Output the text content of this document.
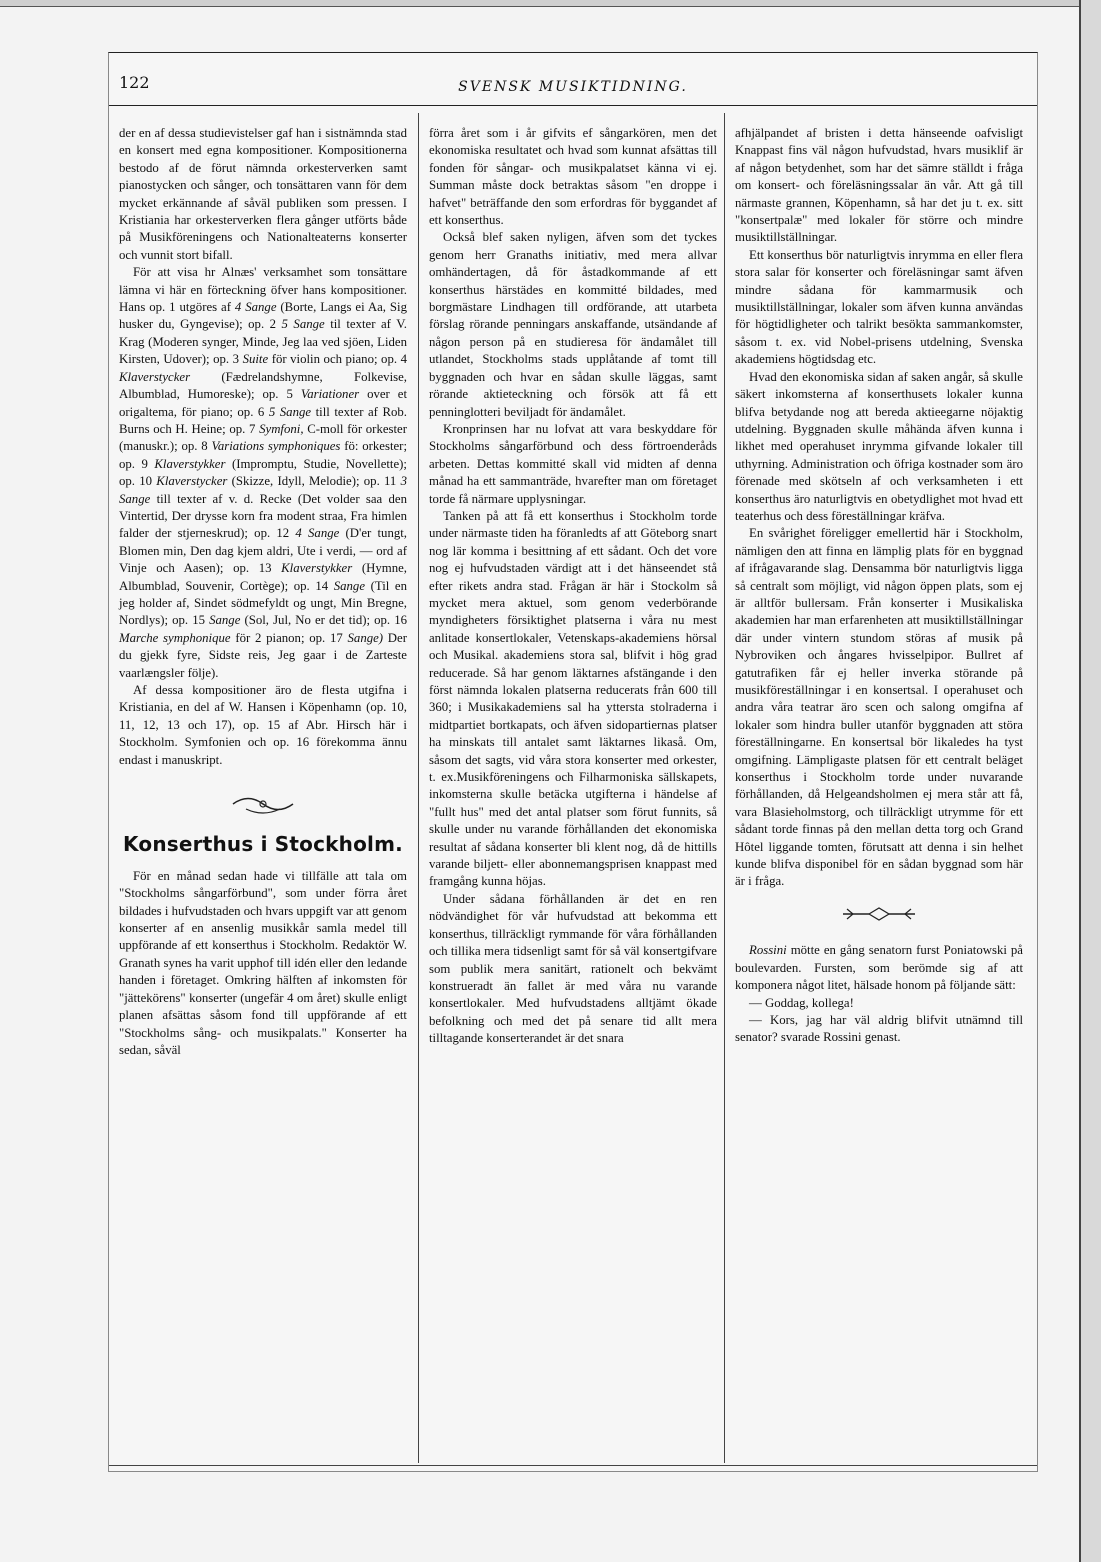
122	SVENSK MUSIKTIDNING.

der en af dessa studievistelser gaf han i sistnämnda stad en konsert med egna kompositioner. Kompositionerna bestodo af de förut nämnda orkesterverken samt pianostycken och sånger, och tonsättaren vann för dem mycket erkännande af såväl publiken som pressen. I Kristiania har orkesterverken flera gånger utförts både på Musikföreningens och Nationalteaterns konserter och vunnit stort bifall.

För att visa hr Alnæs' verksamhet som tonsättare lämna vi här en förteckning öfver hans kompositioner. Hans op. 1 utgöres af 4 Sange (Borte, Langs ei Aa, Sig husker du, Gyngevise); op. 2 5 Sange til texter af V. Krag (Moderen synger, Minde, Jeg laa ved sjöen, Liden Kirsten, Udover); op. 3 Suite för violin och piano; op. 4 Klaverstycker (Fædrelandshymne, Folkevise, Albumblad, Humoreske); op. 5 Variationer over et origaltema, för piano; op. 6 5 Sange till texter af Rob. Burns och H. Heine; op. 7 Symfoni, C-moll för orkester (manuskr.); op. 8 Variations symphoniques fö: orkester; op. 9 Klaverstykker (Impromptu, Studie, Novellette); op. 10 Klaverstycker (Skizze, Idyll, Melodie); op. 11 3 Sange till texter af v. d. Recke (Det volder saa den Vintertid, Der drysse korn fra modent straa, Fra himlen falder der stjerneskrud); op. 12 4 Sange (D'er tungt, Blomen min, Den dag kjem aldri, Ute i verdi, — ord af Vinje och Aasen); op. 13 Klaverstykker (Hymne, Albumblad, Souvenir, Cortège); op. 14 Sange (Til en jeg holder af, Sindet södmefyldt og ungt, Min Bregne, Nordlys); op. 15 Sange (Sol, Jul, No er det tid); op. 16 Marche symphonique för 2 pianon; op. 17 Sange) Der du gjekk fyre, Sidste reis, Jeg gaar i de Zarteste vaarlængsler följe).

Af dessa kompositioner äro de flesta utgifna i Kristiania, en del af W. Hansen i Köpenhamn (op. 10, 11, 12, 13 och 17), op. 15 af Abr. Hirsch här i Stockholm. Symfonien och op. 16 förekomma ännu endast i manuskript.

Konserthus i Stockholm.

För en månad sedan hade vi tillfälle att tala om "Stockholms sångarförbund", som under förra året bildades i hufvudstaden och hvars uppgift var att genom konserter af en ansenlig musikkår samla medel till uppförande af ett konserthus i Stockholm. Redaktör W. Granath synes ha varit upphof till idén eller den ledande handen i företaget. Omkring hälften af inkomsten för "jättekörens" konserter (ungefär 4 om året) skulle enligt planen afsättas såsom fond till uppförande af ett "Stockholms sång- och musikpalats." Konserter ha sedan, såväl

förra året som i år gifvits ef sångarkören, men det ekonomiska resultatet och hvad som kunnat afsättas till fonden för sångar- och musikpalatset känna vi ej. Summan måste dock betraktas såsom "en droppe i hafvet" beträffande den som erfordras för byggandet af ett konserthus.

Också blef saken nyligen, äfven som det tyckes genom herr Granaths initiativ, med mera allvar omhändertagen, då för åstadkommande af ett konserthus härstädes en kommitté bildades, med borgmästare Lindhagen till ordförande, att utarbeta förslag rörande penningars anskaffande, utsändande af någon person på en studieresa för ändamålet till utlandet, Stockholms stads upplåtande af tomt till byggnaden och hvar en sådan skulle läggas, samt rörande aktieteckning och försök att få ett penninglotteri beviljadt för ändamålet.

Kronprinsen har nu lofvat att vara beskyddare för Stockholms sångarförbund och dess förtroenderåds arbeten. Dettas kommitté skall vid midten af denna månad ha ett sammanträde, hvarefter man om företaget torde få närmare upplysningar.

Tanken på att få ett konserthus i Stockholm torde under närmaste tiden ha föranledts af att Göteborg snart nog lär komma i besittning af ett sådant. Och det vore nog ej hufvudstaden värdigt att i det hänseendet stå efter rikets andra stad. Frågan är här i Stockolm så mycket mera aktuel, som genom vederbörande myndigheters försiktighet platserna i våra nu mest anlitade konsertlokaler, Vetenskaps-akademiens hörsal och Musikal. akademiens stora sal, blifvit i hög grad reducerade. Så har genom läktarnes afstängande i den först nämnda lokalen platserna reducerats från 600 till 360; i Musikakademiens sal ha yttersta stolraderna i midtpartiet bortkapats, och äfven sidopartiernas platser ha minskats till antalet samt läktarnes likaså. Om, såsom det sagts, vid våra stora konserter med orkester, t. ex.Musikföreningens och Filharmoniska sällskapets, inkomsterna skulle betäcka utgifterna i händelse af "fullt hus" med det antal platser som förut funnits, så skulle under nu varande förhållanden det ekonomiska resultat af sådana konserter bli klent nog, då de hittills varande biljett- eller abonnemangsprisen knappast med framgång kunna höjas.

Under sådana förhållanden är det en ren nödvändighet för vår hufvudstad att bekomma ett konserthus, tillräckligt rymmande för våra förhållanden och tillika mera tidsenligt samt för så väl konsertgifvare som publik mera sanitärt, rationelt och bekvämt konstrueradt än fallet är med våra nu varande konsertlokaler. Med hufvudstadens alltjämt ökade befolkning och med det på senare tid allt mera tilltagande konserterandet är det snara

afhjälpandet af bristen i detta hänseende oafvisligt Knappast fins väl någon hufvudstad, hvars musiklif är af någon betydenhet, som har det sämre ställdt i fråga om konsert- och föreläsningssalar än vår. Att gå till närmaste grannen, Köpenhamn, så har det ju t. ex. sitt "konsertpalæ" med lokaler för större och mindre musiktillställningar.

Ett konserthus bör naturligtvis inrymma en eller flera stora salar för konserter och föreläsningar samt äfven mindre sådana för kammarmusik och musiktillställningar, lokaler som äfven kunna användas för högtidligheter och talrikt besökta sammankomster, såsom t. ex. vid Nobel-prisens utdelning, Svenska akademiens högtidsdag etc.

Hvad den ekonomiska sidan af saken angår, så skulle säkert inkomsterna af konserthusets lokaler kunna blifva betydande nog att bereda aktieegarne nöjaktig utdelning. Byggnaden skulle måhända äfven kunna i likhet med operahuset inrymma gifvande lokaler till uthyrning. Administration och öfriga kostnader som äro förenade med skötseln af och verksamheten i ett konserthus äro naturligtvis en obetydlighet mot hvad ett teaterhus och dess föreställningar kräfva.

En svårighet föreligger emellertid här i Stockholm, nämligen den att finna en lämplig plats för en byggnad af ifrågavarande slag. Densamma bör naturligtvis ligga så centralt som möjligt, vid någon öppen plats, som ej är alltför bullersam. Från konserter i Musikaliska akademien har man erfarenheten att musiktillställningar där under vintern stundom störas af musik på Nybroviken och ångares hvisselpipor. Bullret af gatutrafiken får ej heller inverka störande på musikföreställningar i en konsertsal. I operahuset och andra våra teatrar äro scen och salong omgifna af lokaler som hindra buller utanför byggnaden att störa föreställningarne. En konsertsal bör likaledes ha tyst omgifning. Lämpligaste platsen för ett centralt beläget konserthus i Stockholm torde under nuvarande förhållanden, då Helgeandsholmen ej mera står att få, vara Blasieholmstorg, och tillräckligt utrymme för ett sådant torde finnas på den mellan detta torg och Grand Hôtel liggande tomten, förutsatt att denna i sin helhet kunde blifva disponibel för en sådan byggnad som här är i fråga.

Rossini mötte en gång senatorn furst Poniatowski på boulevarden. Fursten, som berömde sig af att komponera något litet, hälsade honom på följande sätt:

— Goddag, kollega!

— Kors, jag har väl aldrig blifvit utnämnd till senator? svarade Rossini genast.
